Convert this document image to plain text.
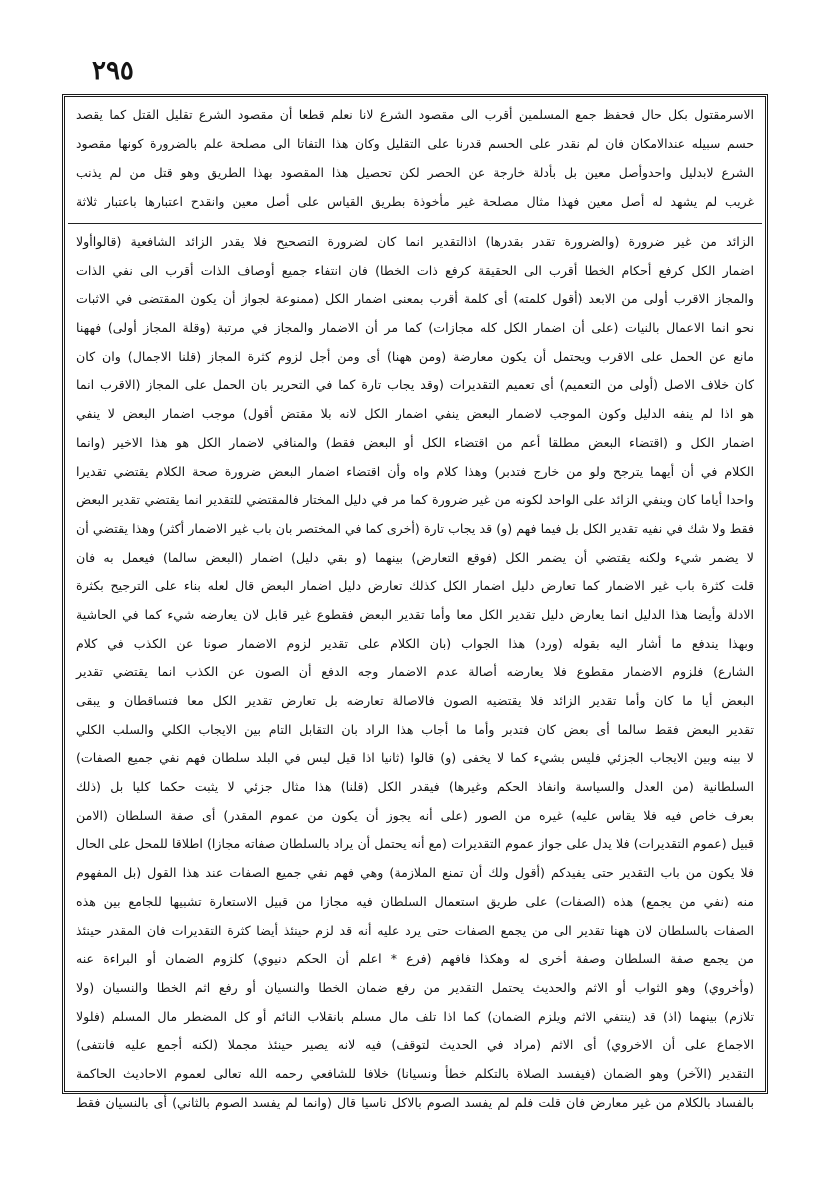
٢٩٥
الاسرمقتول بكل حال فحفظ جمع المسلمين أقرب الى مقصود الشرع لانا نعلم قطعا أن مقصود الشرع تقليل القتل كما يقصد
حسم سبيله عندالامكان فان لم نقدر على الحسم قدرنا على التقليل وكان هذا التفاتا الى مصلحة علم بالضرورة كونها مقصود
الشرع لابدليل واحدوأصل معين بل بأدلة خارجة عن الحصر لكن تحصيل هذا المقصود بهذا الطريق وهو قتل من لم يذنب
غريب لم يشهد له أصل معين فهذا مثال مصلحة غير مأخوذة بطريق القياس على أصل معين وانقدح اعتبارها باعتبار ثلاثة
الزائد من غير ضرورة (والضرورة تقدر بقدرها) اذالتقدير انما كان لضرورة التصحيح فلا يقدر الزائد الشافعية (قالواأولا
اضمار الكل كرفع أحكام الخطا أقرب الى الحقيقة كرفع ذات الخطا) فان انتفاء جميع أوصاف الذات أقرب الى نفي الذات
والمجاز الاقرب أولى من الابعد (أقول كلمته) أى كلمة أقرب بمعنى اضمار الكل (ممنوعة لجواز أن يكون المقتضى في الاثبات
نحو انما الاعمال بالنيات (على أن اضمار الكل كله مجازات) كما مر أن الاضمار والمجاز في مرتبة (وقلة المجاز أولى) فههنا
مانع عن الحمل على الاقرب ويحتمل أن يكون معارضة (ومن ههنا) أى ومن أجل لزوم كثرة المجاز (قلنا الاجمال) وان كان
كان خلاف الاصل (أولى من التعميم) أى تعميم التقديرات (وقد يجاب تارة كما في التحرير بان الحمل على المجاز (الاقرب انما
هو اذا لم ينفه الدليل وكون الموجب لاضمار البعض ينفي اضمار الكل لانه بلا مقتض أقول) موجب اضمار البعض لا ينفي
اضمار الكل و (اقتضاء البعض مطلقا أعم من اقتضاء الكل أو البعض فقط) والمنافي لاضمار الكل هو هذا الاخير (وانما
الكلام في أن أيهما يترجح ولو من خارج فتدبر) وهذا كلام واه وأن اقتضاء اضمار البعض ضرورة صحة الكلام يقتضي تقديرا
واحدا أياما كان وينفي الزائد على الواحد لكونه من غير ضرورة كما مر في دليل المختار فالمقتضي للتقدير انما يقتضي تقدير البعض
فقط ولا شك في نفيه تقدير الكل بل فيما فهم (و) قد يجاب تارة (أخرى كما في المختصر بان باب غير الاضمار أكثر) وهذا يقتضي أن
لا يضمر شيء ولكنه يقتضي أن يضمر الكل (فوقع التعارض) بينهما (و بقي دليل) اضمار (البعض سالما) فيعمل به فان
قلت كثرة باب غير الاضمار كما تعارض دليل اضمار الكل كذلك تعارض دليل اضمار البعض قال لعله بناء على الترجيح بكثرة
الادلة وأيضا هذا الدليل انما يعارض دليل تقدير الكل معا وأما تقدير البعض فقطوع غير قابل لان يعارضه شيء كما في الحاشية
وبهذا يندفع ما أشار اليه بقوله (ورد) هذا الجواب (بان الكلام على تقدير لزوم الاضمار صونا عن الكذب في كلام
الشارع) فلزوم الاضمار مقطوع فلا يعارضه أصالة عدم الاضمار وجه الدفع أن الصون عن الكذب انما يقتضي تقدير
البعض أيا ما كان وأما تقدير الزائد فلا يقتضيه الصون فالاصالة تعارضه بل تعارض تقدير الكل معا فتساقطان و يبقى
تقدير البعض فقط سالما أى بعض كان فتدبر وأما ما أجاب هذا الراد بان التقابل التام بين الايجاب الكلي والسلب الكلي
لا بينه وبين الايجاب الجزئي فليس بشيء كما لا يخفى (و) قالوا (ثانيا اذا قيل ليس في البلد سلطان فهم نفي جميع الصفات)
السلطانية (من العدل والسياسة وانفاذ الحكم وغيرها) فيقدر الكل (قلنا) هذا مثال جزئي لا يثبت حكما كليا بل (ذلك
بعرف خاص فيه فلا يقاس عليه) غيره من الصور (على أنه يجوز أن يكون من عموم المقدر) أى صفة السلطان (الامن
قبيل (عموم التقديرات) فلا يدل على جواز عموم التقديرات (مع أنه يحتمل أن يراد بالسلطان صفاته مجازا) اطلاقا للمحل على الحال
فلا يكون من باب التقدير حتى يفيدكم (أقول ولك أن تمنع الملازمة) وهي فهم نفي جميع الصفات عند هذا القول (بل المفهوم
منه (نفي من يجمع) هذه (الصفات) على طريق استعمال السلطان فيه مجازا من قبيل الاستعارة تشبيها للجامع بين هذه
الصفات بالسلطان لان ههنا تقدير الى من يجمع الصفات حتى يرد عليه أنه قد لزم حينئذ أيضا كثرة التقديرات فان المقدر حينئذ
من يجمع صفة السلطان وصفة أخرى له وهكذا فافهم (فرع * اعلم أن الحكم دنيوي) كلزوم الضمان أو البراءة عنه
(وأخروي) وهو الثواب أو الاثم والحديث يحتمل التقدير من رفع ضمان الخطا والنسيان أو رفع اثم الخطا والنسيان (ولا
تلازم) بينهما (اذ) قد (ينتفي الاثم ويلزم الضمان) كما اذا تلف مال مسلم بانقلاب النائم أو كل المضطر مال المسلم (فلولا
الاجماع على أن الاخروي) أى الاثم (مراد في الحديث لتوقف) فيه لانه يصير حينئذ مجملا (لكنه أجمع عليه فانتفى)
التقدير (الآخر) وهو الضمان (فيفسد الصلاة بالتكلم خطأ ونسيانا) خلافا للشافعي رحمه الله تعالى لعموم الاحاديث الحاكمة
بالفساد بالكلام من غير معارض فان قلت فلم لم يفسد الصوم بالاكل ناسيا قال (وانما لم يفسد الصوم بالثاني) أى بالنسيان فقط
